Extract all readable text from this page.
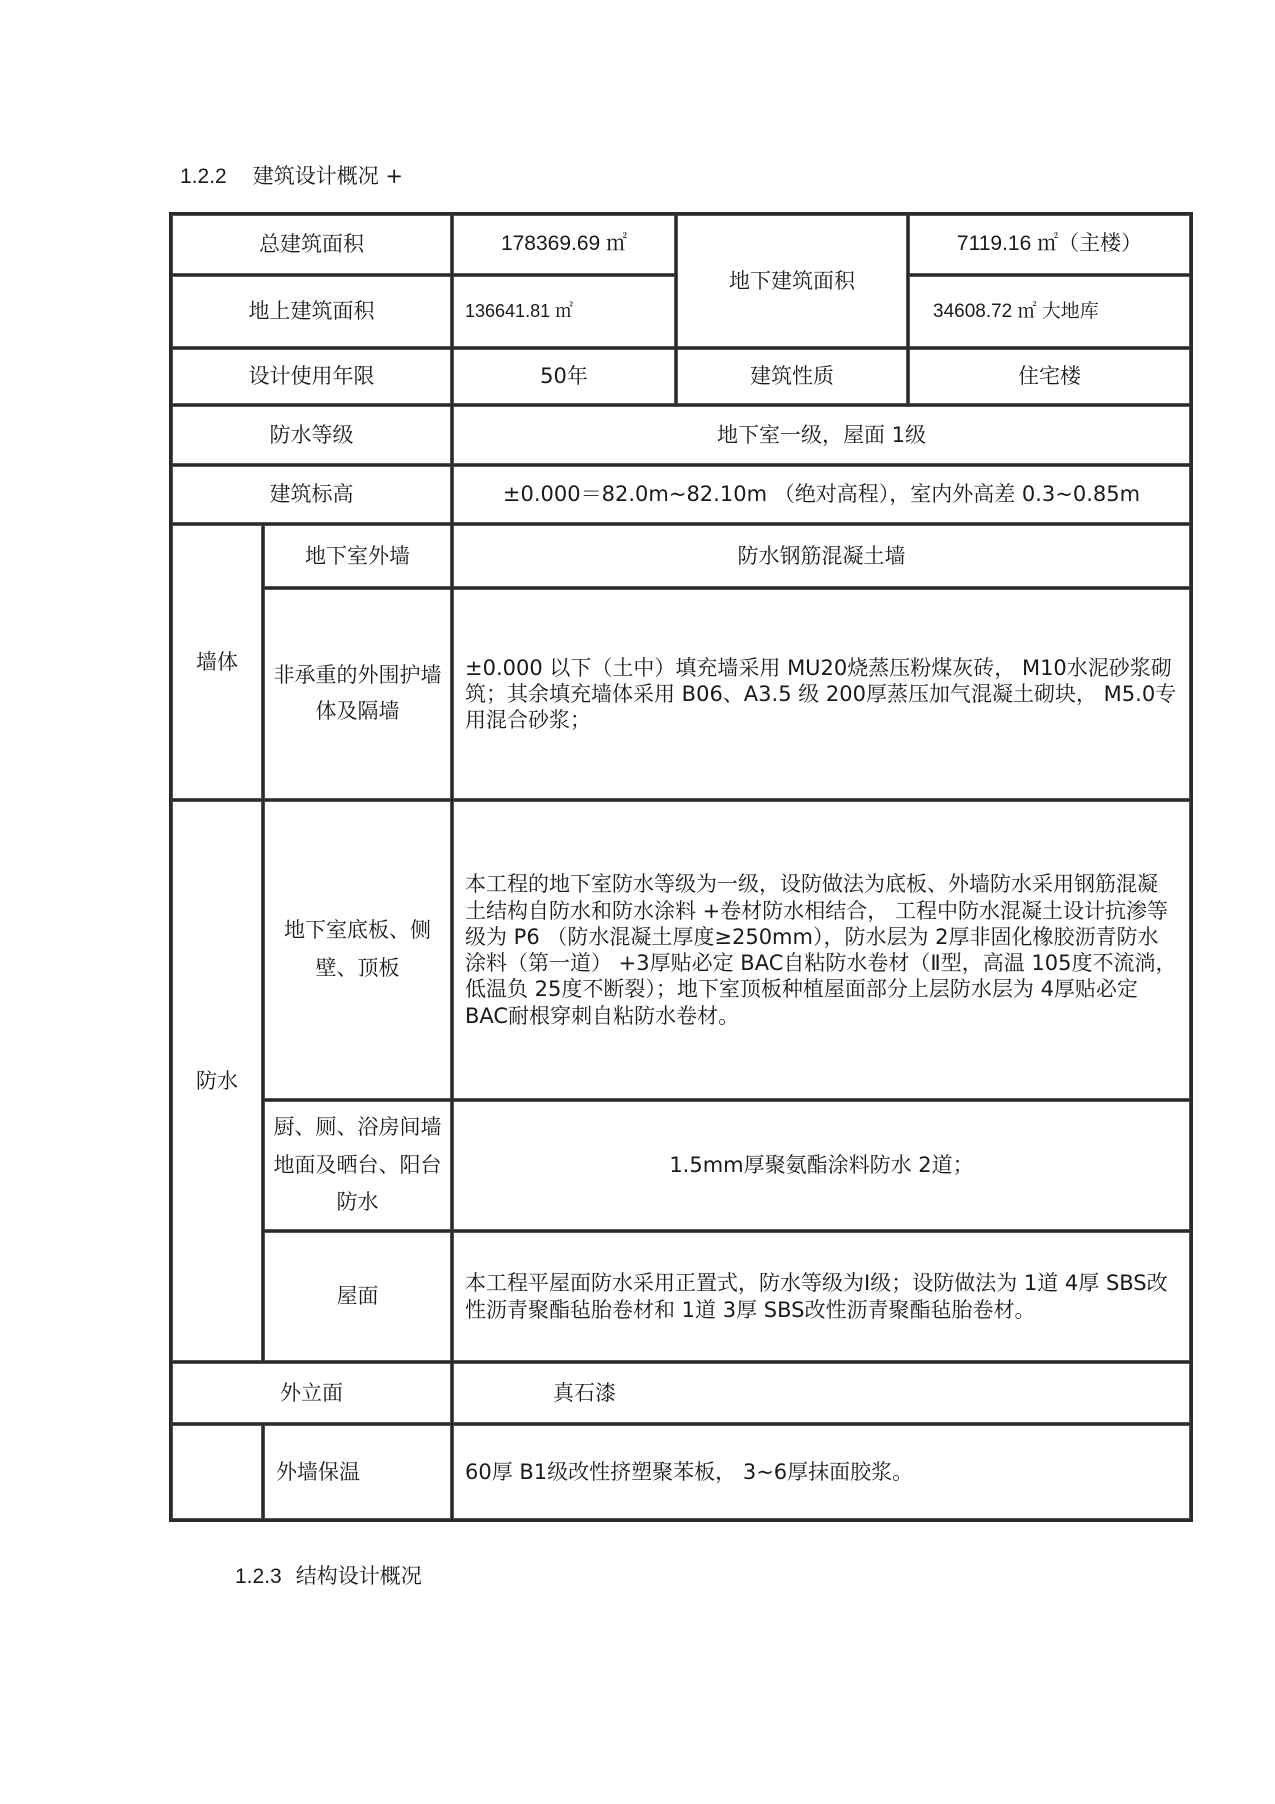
1.2.2 建筑设计概况 +
总建筑面积		178369.69 ㎡	地下建筑面积	7119.16 ㎡（主楼）
地上建筑面积		136641.81 ㎡		34608.72 ㎡ 大地库
设计使用年限		50年	建筑性质	住宅楼
防水等级		地下室一级，屋面 1级		
建筑标高		±0.000＝82.0m~82.10m （绝对高程），室内外高差 0.3~0.85m		
墙体	地下室外墙	防水钢筋混凝土墙		
	非承重的外围护墙体及隔墙	±0.000 以下（土中）填充墙采用 MU20烧蒸压粉煤灰砖， M10水泥砂浆砌筑；其余填充墙体采用 B06、A3.5 级 200厚蒸压加气混凝土砌块， M5.0专用混合砂浆；		
防水	地下室底板、侧壁、顶板	本工程的地下室防水等级为一级，设防做法为底板、外墙防水采用钢筋混凝土结构自防水和防水涂料 +卷材防水相结合， 工程中防水混凝土设计抗渗等级为 P6 （防水混凝土厚度≥250mm），防水层为 2厚非固化橡胶沥青防水涂料（第一道） +3厚贴必定 BAC自粘防水卷材（Ⅱ型，高温 105度不流淌，低温负 25度不断裂）；地下室顶板种植屋面部分上层防水层为 4厚贴必定 BAC耐根穿刺自粘防水卷材。		
	厨、厕、浴房间墙地面及晒台、阳台防水	1.5mm厚聚氨酯涂料防水 2道；		
	屋面	本工程平屋面防水采用正置式，防水等级为Ⅰ级；设防做法为 1道 4厚 SBS改性沥青聚酯毡胎卷材和 1道 3厚 SBS改性沥青聚酯毡胎卷材。		
外立面		真石漆		
	外墙保温	60厚 B1级改性挤塑聚苯板， 3~6厚抹面胶浆。		
1.2.3 结构设计概况
